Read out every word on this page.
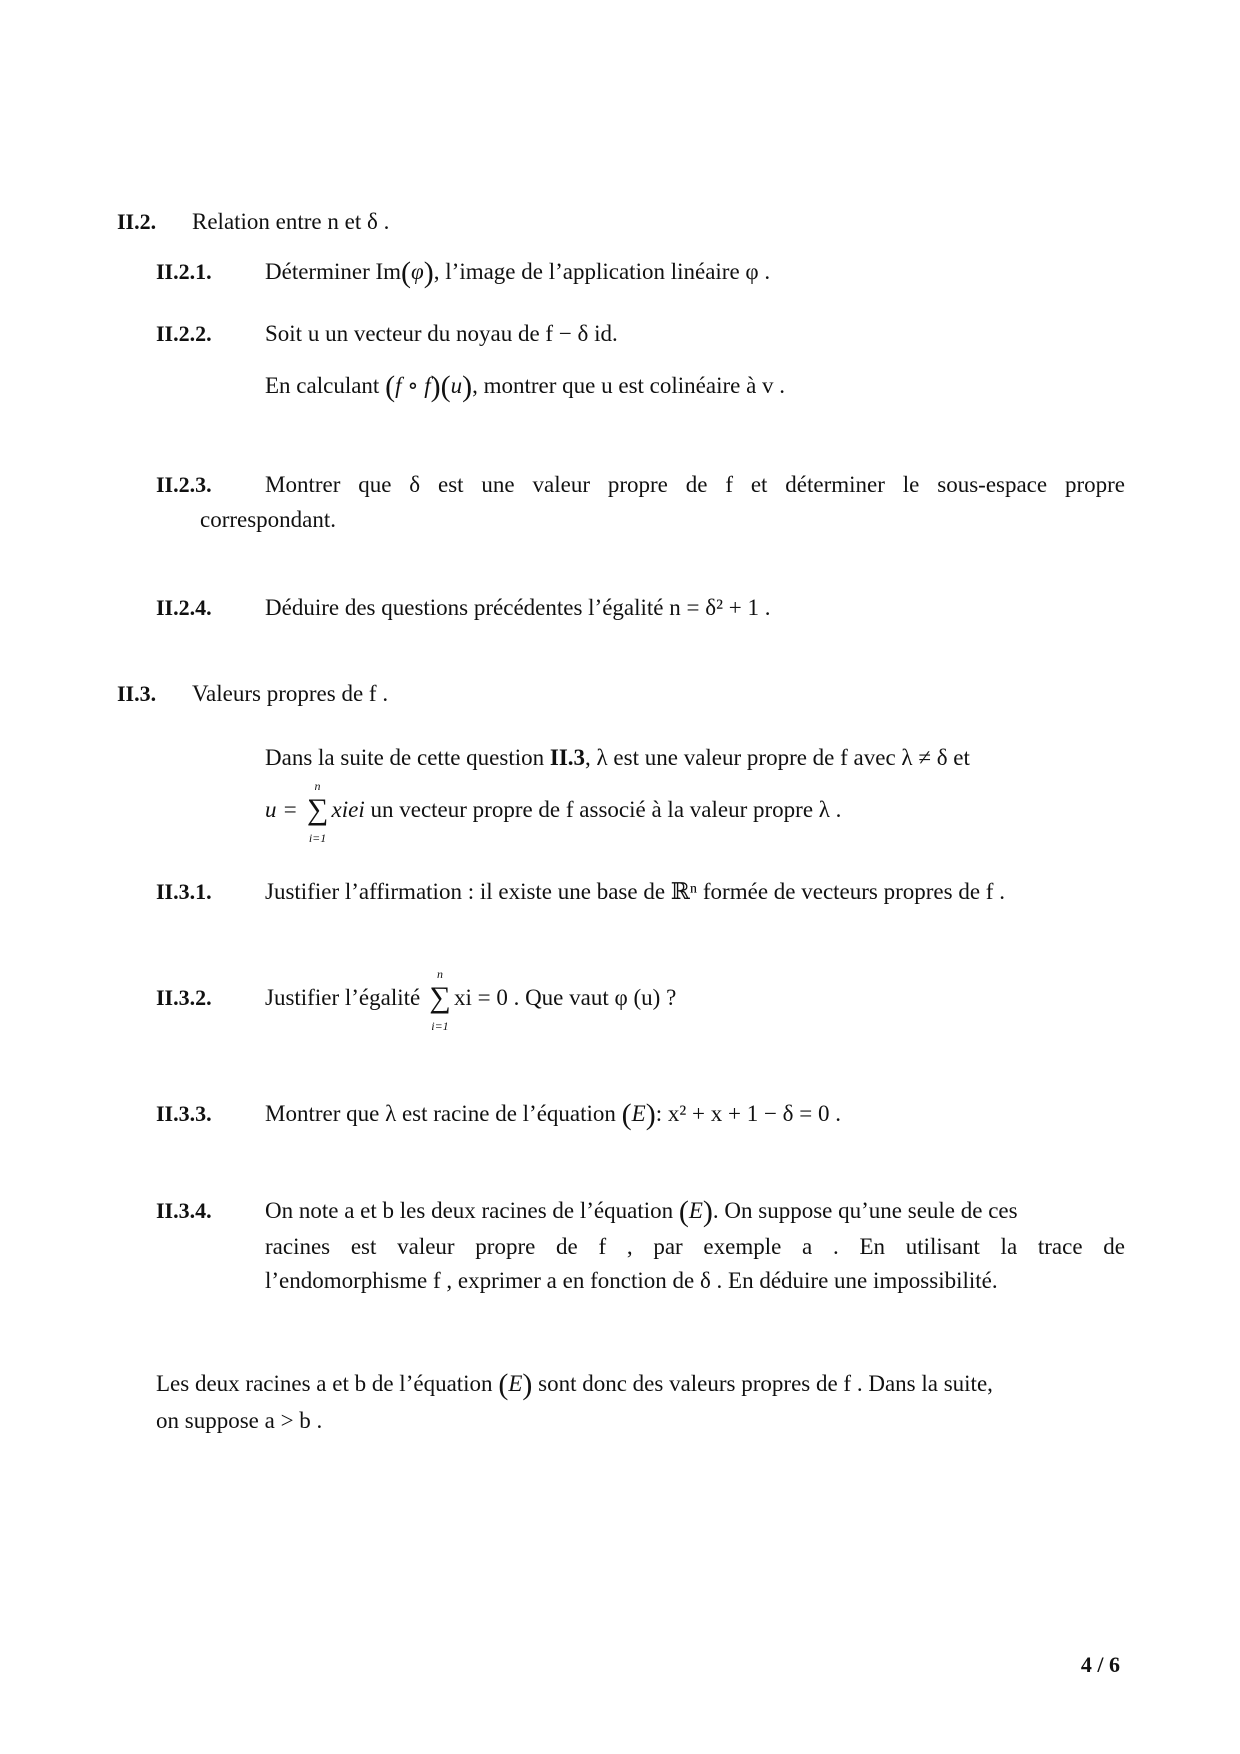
II.2. Relation entre n et δ .
II.2.1. Déterminer Im(φ), l’image de l’application linéaire φ .
II.2.2. Soit u un vecteur du noyau de f − δ id.
En calculant (f ∘ f)(u), montrer que u est colinéaire à v .
II.2.3. Montrer que δ est une valeur propre de f et déterminer le sous-espace propre
correspondant.
II.2.4. Déduire des questions précédentes l’égalité n = δ² + 1 .
II.3. Valeurs propres de f .
Dans la suite de cette question II.3, λ est une valeur propre de f avec λ ≠ δ et
u =
n
∑
i=1
xiei un vecteur propre de f associé à la valeur propre λ .
II.3.1. Justifier l’affirmation : il existe une base de ℝⁿ formée de vecteurs propres de f .
II.3.2. Justifier l’égalité
n
∑
i=1
xi = 0 . Que vaut φ (u) ?
II.3.3. Montrer que λ est racine de l’équation (E): x² + x + 1 − δ = 0 .
II.3.4. On note a et b les deux racines de l’équation (E). On suppose qu’une seule de ces
racines est valeur propre de f , par exemple a . En utilisant la trace de
l’endomorphisme f , exprimer a en fonction de δ . En déduire une impossibilité.
Les deux racines a et b de l’équation (E) sont donc des valeurs propres de f . Dans la suite,
on suppose a > b .
4 / 6
